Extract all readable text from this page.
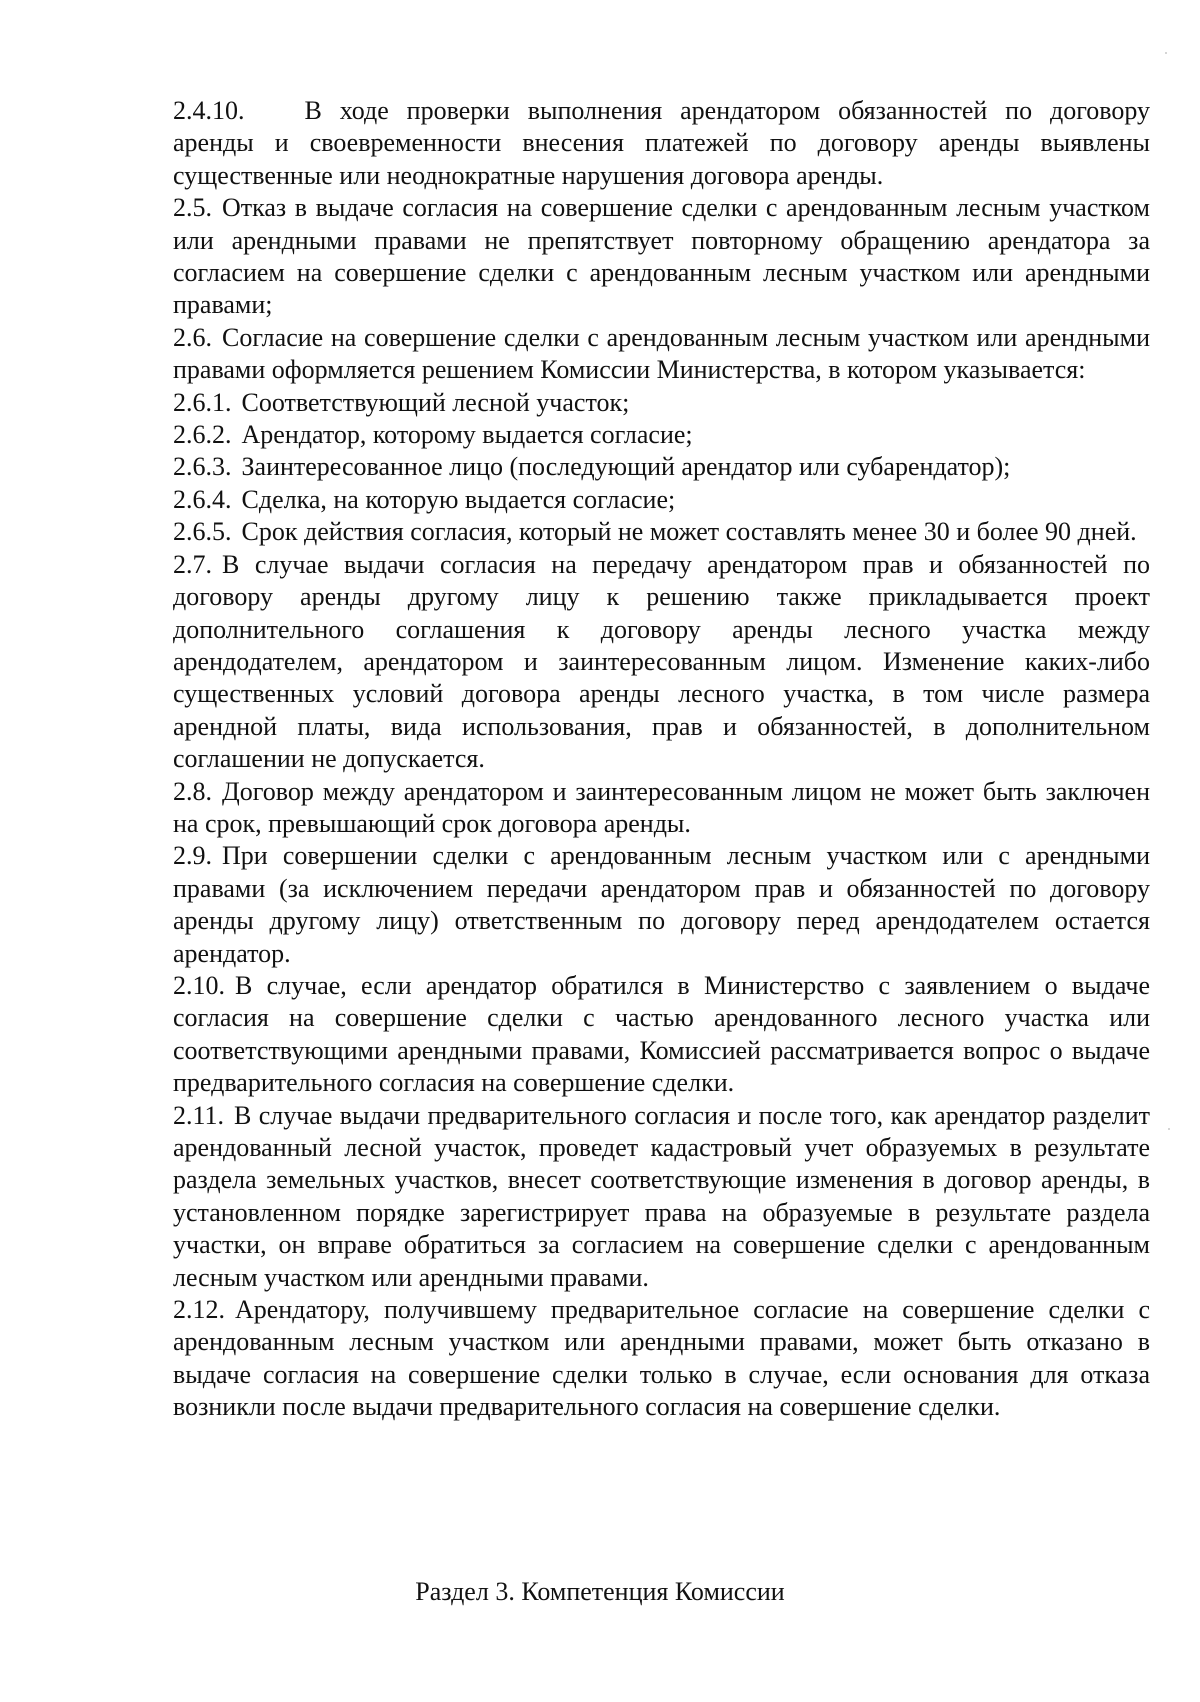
2.4.10. В ходе проверки выполнения арендатором обязанностей по договору аренды и своевременности внесения платежей по договору аренды выявлены существенные или неоднократные нарушения договора аренды.

2.5. Отказ в выдаче согласия на совершение сделки с арендованным лесным участком или арендными правами не препятствует повторному обращению арендатора за согласием на совершение сделки с арендованным лесным участком или арендными правами;

2.6. Согласие на совершение сделки с арендованным лесным участком или арендными правами оформляется решением Комиссии Министерства, в котором указывается:

2.6.1. Соответствующий лесной участок;

2.6.2. Арендатор, которому выдается согласие;

2.6.3. Заинтересованное лицо (последующий арендатор или субарендатор);

2.6.4. Сделка, на которую выдается согласие;

2.6.5. Срок действия согласия, который не может составлять менее 30 и более 90 дней.

2.7. В случае выдачи согласия на передачу арендатором прав и обязанностей по договору аренды другому лицу к решению также прикладывается проект дополнительного соглашения к договору аренды лесного участка между арендодателем, арендатором и заинтересованным лицом. Изменение каких-либо существенных условий договора аренды лесного участка, в том числе размера арендной платы, вида использования, прав и обязанностей, в дополнительном соглашении не допускается.

2.8. Договор между арендатором и заинтересованным лицом не может быть заключен на срок, превышающий срок договора аренды.

2.9. При совершении сделки с арендованным лесным участком или с арендными правами (за исключением передачи арендатором прав и обязанностей по договору аренды другому лицу) ответственным по договору перед арендодателем остается арендатор.

2.10. В случае, если арендатор обратился в Министерство с заявлением о выдаче согласия на совершение сделки с частью арендованного лесного участка или соответствующими арендными правами, Комиссией рассматривается вопрос о выдаче предварительного согласия на совершение сделки.

2.11. В случае выдачи предварительного согласия и после того, как арендатор разделит арендованный лесной участок, проведет кадастровый учет образуемых в результате раздела земельных участков, внесет соответствующие изменения в договор аренды, в установленном порядке зарегистрирует права на образуемые в результате раздела участки, он вправе обратиться за согласием на совершение сделки с арендованным лесным участком или арендными правами.

2.12. Арендатору, получившему предварительное согласие на совершение сделки с арендованным лесным участком или арендными правами, может быть отказано в выдаче согласия на совершение сделки только в случае, если основания для отказа возникли после выдачи предварительного согласия на совершение сделки.

Раздел 3. Компетенция Комиссии
